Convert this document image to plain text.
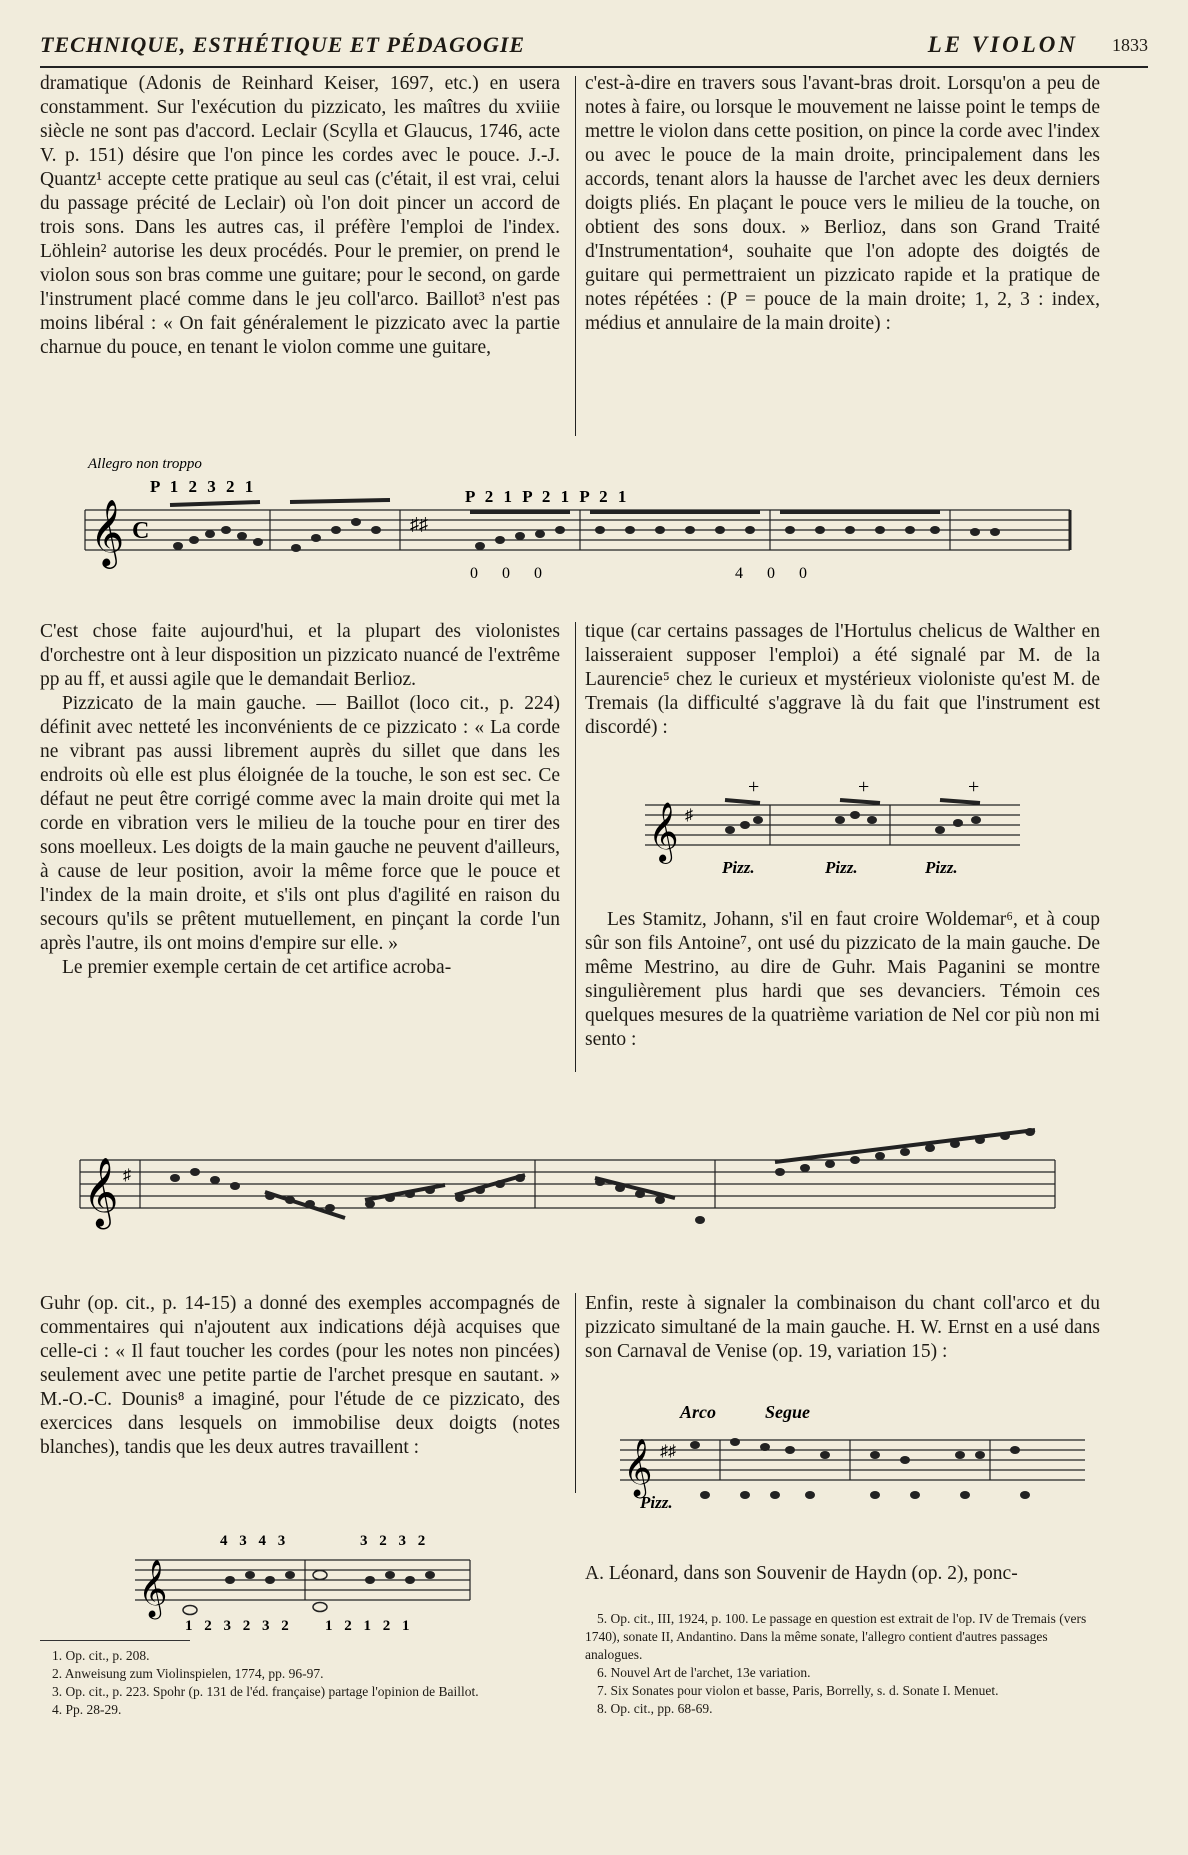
TECHNIQUE, ESTHÉTIQUE ET PÉDAGOGIE	LE VIOLON 1833

dramatique (Adonis de Reinhard Keiser, 1697, etc.) en usera constamment. Sur l'exécution du pizzicato, les maîtres du xviiie siècle ne sont pas d'accord. Leclair (Scylla et Glaucus, 1746, acte V. p. 151) désire que l'on pince les cordes avec le pouce. J.-J. Quantz¹ accepte cette pratique au seul cas (c'était, il est vrai, celui du passage précité de Leclair) où l'on doit pincer un accord de trois sons. Dans les autres cas, il préfère l'emploi de l'index. Löhlein² autorise les deux procédés. Pour le premier, on prend le violon sous son bras comme une guitare; pour le second, on garde l'instrument placé comme dans le jeu coll'arco. Baillot³ n'est pas moins libéral : « On fait généralement le pizzicato avec la partie charnue du pouce, en tenant le violon comme une guitare,

c'est-à-dire en travers sous l'avant-bras droit. Lorsqu'on a peu de notes à faire, ou lorsque le mouvement ne laisse point le temps de mettre le violon dans cette position, on pince la corde avec l'index ou avec le pouce de la main droite, principalement dans les accords, tenant alors la hausse de l'archet avec les deux derniers doigts pliés. En plaçant le pouce vers le milieu de la touche, on obtient des sons doux. » Berlioz, dans son Grand Traité d'Instrumentation⁴, souhaite que l'on adopte des doigtés de guitare qui permettraient un pizzicato rapide et la pratique de notes répétées : (P = pouce de la main droite; 1, 2, 3 : index, médius et annulaire de la main droite) :

Allegro non troppo
P 1 2 3 2 1
P 2 1 P 2 1 P 2 1
𝄞 C	♯♯
0 0 0	4 0 0

C'est chose faite aujourd'hui, et la plupart des violonistes d'orchestre ont à leur disposition un pizzicato nuancé de l'extrême pp au ff, et aussi agile que le demandait Berlioz.

Pizzicato de la main gauche. — Baillot (loco cit., p. 224) définit avec netteté les inconvénients de ce pizzicato : « La corde ne vibrant pas aussi librement auprès du sillet que dans les endroits où elle est plus éloignée de la touche, le son est sec. Ce défaut ne peut être corrigé comme avec la main droite qui met la corde en vibration vers le milieu de la touche pour en tirer des sons moelleux. Les doigts de la main gauche ne peuvent d'ailleurs, à cause de leur position, avoir la même force que le pouce et l'index de la main droite, et s'ils ont plus d'agilité en raison du secours qu'ils se prêtent mutuellement, en pinçant la corde l'un après l'autre, ils ont moins d'empire sur elle. »

Le premier exemple certain de cet artifice acroba-

tique (car certains passages de l'Hortulus chelicus de Walther en laisseraient supposer l'emploi) a été signalé par M. de la Laurencie⁵ chez le curieux et mystérieux violoniste qu'est M. de Tremais (la difficulté s'aggrave là du fait que l'instrument est discordé) :

𝄞 ♯
+	+	+
Pizz.	Pizz.	Pizz.

Les Stamitz, Johann, s'il en faut croire Woldemar⁶, et à coup sûr son fils Antoine⁷, ont usé du pizzicato de la main gauche. De même Mestrino, au dire de Guhr. Mais Paganini se montre singulièrement plus hardi que ses devanciers. Témoin ces quelques mesures de la quatrième variation de Nel cor più non mi sento :

𝄞 ♯

Guhr (op. cit., p. 14-15) a donné des exemples accompagnés de commentaires qui n'ajoutent aux indications déjà acquises que celle-ci : « Il faut toucher les cordes (pour les notes non pincées) seulement avec une petite partie de l'archet presque en sautant. » M.-O.-C. Dounis⁸ a imaginé, pour l'étude de ce pizzicato, des exercices dans lesquels on immobilise deux doigts (notes blanches), tandis que les deux autres travaillent :

4 3 4 3	3 2 3 2
𝄞
1 2 3 2 3 2 1 2 1 2 1

Enfin, reste à signaler la combinaison du chant coll'arco et du pizzicato simultané de la main gauche. H. W. Ernst en a usé dans son Carnaval de Venise (op. 19, variation 15) :

Arco	Segue
𝄞 ♯♯
Pizz.

A. Léonard, dans son Souvenir de Haydn (op. 2), ponc-

1. Op. cit., p. 208.
2. Anweisung zum Violinspielen, 1774, pp. 96-97.
3. Op. cit., p. 223. Spohr (p. 131 de l'éd. française) partage l'opinion de Baillot.
4. Pp. 28-29.
5. Op. cit., III, 1924, p. 100. Le passage en question est extrait de l'op. IV de Tremais (vers 1740), sonate II, Andantino. Dans la même sonate, l'allegro contient d'autres passages analogues.
6. Nouvel Art de l'archet, 13e variation.
7. Six Sonates pour violon et basse, Paris, Borrelly, s. d. Sonate I. Menuet.
8. Op. cit., pp. 68-69.
